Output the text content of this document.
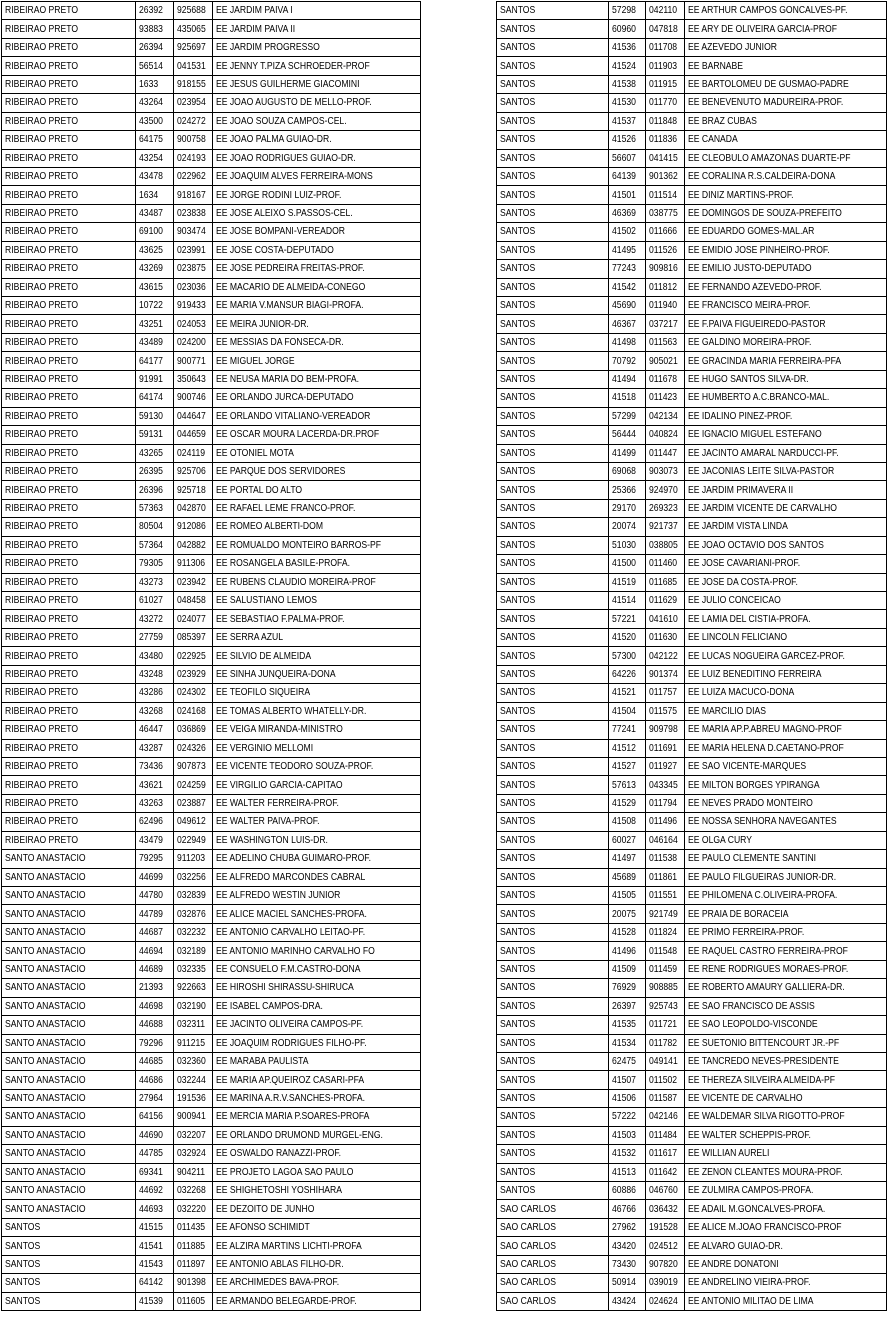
RIBEIRAO PRETO	26392	925688	EE JARDIM PAIVA I
RIBEIRAO PRETO	93883	435065	EE JARDIM PAIVA II
RIBEIRAO PRETO	26394	925697	EE JARDIM PROGRESSO
RIBEIRAO PRETO	56514	041531	EE JENNY T.PIZA SCHROEDER-PROF
RIBEIRAO PRETO	1633	918155	EE JESUS GUILHERME GIACOMINI
RIBEIRAO PRETO	43264	023954	EE JOAO AUGUSTO DE MELLO-PROF.
RIBEIRAO PRETO	43500	024272	EE JOAO SOUZA CAMPOS-CEL.
RIBEIRAO PRETO	64175	900758	EE JOAO PALMA GUIAO-DR.
RIBEIRAO PRETO	43254	024193	EE JOAO RODRIGUES GUIAO-DR.
RIBEIRAO PRETO	43478	022962	EE JOAQUIM ALVES FERREIRA-MONS
RIBEIRAO PRETO	1634	918167	EE JORGE RODINI LUIZ-PROF.
RIBEIRAO PRETO	43487	023838	EE JOSE ALEIXO S.PASSOS-CEL.
RIBEIRAO PRETO	69100	903474	EE JOSE BOMPANI-VEREADOR
RIBEIRAO PRETO	43625	023991	EE JOSE COSTA-DEPUTADO
RIBEIRAO PRETO	43269	023875	EE JOSE PEDREIRA FREITAS-PROF.
RIBEIRAO PRETO	43615	023036	EE MACARIO DE ALMEIDA-CONEGO
RIBEIRAO PRETO	10722	919433	EE MARIA V.MANSUR BIAGI-PROFA.
RIBEIRAO PRETO	43251	024053	EE MEIRA JUNIOR-DR.
RIBEIRAO PRETO	43489	024200	EE MESSIAS DA FONSECA-DR.
RIBEIRAO PRETO	64177	900771	EE MIGUEL JORGE
RIBEIRAO PRETO	91991	350643	EE NEUSA MARIA DO BEM-PROFA.
RIBEIRAO PRETO	64174	900746	EE ORLANDO JURCA-DEPUTADO
RIBEIRAO PRETO	59130	044647	EE ORLANDO VITALIANO-VEREADOR
RIBEIRAO PRETO	59131	044659	EE OSCAR MOURA LACERDA-DR.PROF
RIBEIRAO PRETO	43265	024119	EE OTONIEL MOTA
RIBEIRAO PRETO	26395	925706	EE PARQUE DOS SERVIDORES
RIBEIRAO PRETO	26396	925718	EE PORTAL DO ALTO
RIBEIRAO PRETO	57363	042870	EE RAFAEL LEME FRANCO-PROF.
RIBEIRAO PRETO	80504	912086	EE ROMEO ALBERTI-DOM
RIBEIRAO PRETO	57364	042882	EE ROMUALDO MONTEIRO BARROS-PF
RIBEIRAO PRETO	79305	911306	EE ROSANGELA BASILE-PROFA.
RIBEIRAO PRETO	43273	023942	EE RUBENS CLAUDIO MOREIRA-PROF
RIBEIRAO PRETO	61027	048458	EE SALUSTIANO LEMOS
RIBEIRAO PRETO	43272	024077	EE SEBASTIAO F.PALMA-PROF.
RIBEIRAO PRETO	27759	085397	EE SERRA AZUL
RIBEIRAO PRETO	43480	022925	EE SILVIO DE ALMEIDA
RIBEIRAO PRETO	43248	023929	EE SINHA JUNQUEIRA-DONA
RIBEIRAO PRETO	43286	024302	EE TEOFILO SIQUEIRA
RIBEIRAO PRETO	43268	024168	EE TOMAS ALBERTO WHATELLY-DR.
RIBEIRAO PRETO	46447	036869	EE VEIGA MIRANDA-MINISTRO
RIBEIRAO PRETO	43287	024326	EE VERGINIO MELLOMI
RIBEIRAO PRETO	73436	907873	EE VICENTE TEODORO SOUZA-PROF.
RIBEIRAO PRETO	43621	024259	EE VIRGILIO GARCIA-CAPITAO
RIBEIRAO PRETO	43263	023887	EE WALTER FERREIRA-PROF.
RIBEIRAO PRETO	62496	049612	EE WALTER PAIVA-PROF.
RIBEIRAO PRETO	43479	022949	EE WASHINGTON LUIS-DR.
SANTO ANASTACIO	79295	911203	EE ADELINO CHUBA GUIMARO-PROF.
SANTO ANASTACIO	44699	032256	EE ALFREDO MARCONDES CABRAL
SANTO ANASTACIO	44780	032839	EE ALFREDO WESTIN JUNIOR
SANTO ANASTACIO	44789	032876	EE ALICE MACIEL SANCHES-PROFA.
SANTO ANASTACIO	44687	032232	EE ANTONIO CARVALHO LEITAO-PF.
SANTO ANASTACIO	44694	032189	EE ANTONIO MARINHO CARVALHO FO
SANTO ANASTACIO	44689	032335	EE CONSUELO F.M.CASTRO-DONA
SANTO ANASTACIO	21393	922663	EE HIROSHI SHIRASSU-SHIRUCA
SANTO ANASTACIO	44698	032190	EE ISABEL CAMPOS-DRA.
SANTO ANASTACIO	44688	032311	EE JACINTO OLIVEIRA CAMPOS-PF.
SANTO ANASTACIO	79296	911215	EE JOAQUIM RODRIGUES FILHO-PF.
SANTO ANASTACIO	44685	032360	EE MARABA PAULISTA
SANTO ANASTACIO	44686	032244	EE MARIA AP.QUEIROZ CASARI-PFA
SANTO ANASTACIO	27964	191536	EE MARINA A.R.V.SANCHES-PROFA.
SANTO ANASTACIO	64156	900941	EE MERCIA MARIA P.SOARES-PROFA
SANTO ANASTACIO	44690	032207	EE ORLANDO DRUMOND MURGEL-ENG.
SANTO ANASTACIO	44785	032924	EE OSWALDO RANAZZI-PROF.
SANTO ANASTACIO	69341	904211	EE PROJETO LAGOA SAO PAULO
SANTO ANASTACIO	44692	032268	EE SHIGHETOSHI YOSHIHARA
SANTO ANASTACIO	44693	032220	EE DEZOITO DE JUNHO
SANTOS	41515	011435	EE AFONSO SCHIMIDT
SANTOS	41541	011885	EE ALZIRA MARTINS LICHTI-PROFA
SANTOS	41543	011897	EE ANTONIO ABLAS FILHO-DR.
SANTOS	64142	901398	EE ARCHIMEDES BAVA-PROF.
SANTOS	41539	011605	EE ARMANDO BELEGARDE-PROF.
SANTOS	57298	042110	EE ARTHUR CAMPOS GONCALVES-PF.
SANTOS	60960	047818	EE ARY DE OLIVEIRA GARCIA-PROF
SANTOS	41536	011708	EE AZEVEDO JUNIOR
SANTOS	41524	011903	EE BARNABE
SANTOS	41538	011915	EE BARTOLOMEU DE GUSMAO-PADRE
SANTOS	41530	011770	EE BENEVENUTO MADUREIRA-PROF.
SANTOS	41537	011848	EE BRAZ CUBAS
SANTOS	41526	011836	EE CANADA
SANTOS	56607	041415	EE CLEOBULO AMAZONAS DUARTE-PF
SANTOS	64139	901362	EE CORALINA R.S.CALDEIRA-DONA
SANTOS	41501	011514	EE DINIZ MARTINS-PROF.
SANTOS	46369	038775	EE DOMINGOS DE SOUZA-PREFEITO
SANTOS	41502	011666	EE EDUARDO GOMES-MAL.AR
SANTOS	41495	011526	EE EMIDIO JOSE PINHEIRO-PROF.
SANTOS	77243	909816	EE EMILIO JUSTO-DEPUTADO
SANTOS	41542	011812	EE FERNANDO AZEVEDO-PROF.
SANTOS	45690	011940	EE FRANCISCO MEIRA-PROF.
SANTOS	46367	037217	EE F.PAIVA FIGUEIREDO-PASTOR
SANTOS	41498	011563	EE GALDINO MOREIRA-PROF.
SANTOS	70792	905021	EE GRACINDA MARIA FERREIRA-PFA
SANTOS	41494	011678	EE HUGO SANTOS SILVA-DR.
SANTOS	41518	011423	EE HUMBERTO A.C.BRANCO-MAL.
SANTOS	57299	042134	EE IDALINO PINEZ-PROF.
SANTOS	56444	040824	EE IGNACIO MIGUEL ESTEFANO
SANTOS	41499	011447	EE JACINTO AMARAL NARDUCCI-PF.
SANTOS	69068	903073	EE JACONIAS LEITE SILVA-PASTOR
SANTOS	25366	924970	EE JARDIM PRIMAVERA II
SANTOS	29170	269323	EE JARDIM VICENTE DE CARVALHO
SANTOS	20074	921737	EE JARDIM VISTA LINDA
SANTOS	51030	038805	EE JOAO OCTAVIO DOS SANTOS
SANTOS	41500	011460	EE JOSE CAVARIANI-PROF.
SANTOS	41519	011685	EE JOSE DA COSTA-PROF.
SANTOS	41514	011629	EE JULIO CONCEICAO
SANTOS	57221	041610	EE LAMIA DEL CISTIA-PROFA.
SANTOS	41520	011630	EE LINCOLN FELICIANO
SANTOS	57300	042122	EE LUCAS NOGUEIRA GARCEZ-PROF.
SANTOS	64226	901374	EE LUIZ BENEDITINO FERREIRA
SANTOS	41521	011757	EE LUIZA MACUCO-DONA
SANTOS	41504	011575	EE MARCILIO DIAS
SANTOS	77241	909798	EE MARIA AP.P.ABREU MAGNO-PROF
SANTOS	41512	011691	EE MARIA HELENA D.CAETANO-PROF
SANTOS	41527	011927	EE SAO VICENTE-MARQUES
SANTOS	57613	043345	EE MILTON BORGES YPIRANGA
SANTOS	41529	011794	EE NEVES PRADO MONTEIRO
SANTOS	41508	011496	EE NOSSA SENHORA NAVEGANTES
SANTOS	60027	046164	EE OLGA CURY
SANTOS	41497	011538	EE PAULO CLEMENTE SANTINI
SANTOS	45689	011861	EE PAULO FILGUEIRAS JUNIOR-DR.
SANTOS	41505	011551	EE PHILOMENA C.OLIVEIRA-PROFA.
SANTOS	20075	921749	EE PRAIA DE BORACEIA
SANTOS	41528	011824	EE PRIMO FERREIRA-PROF.
SANTOS	41496	011548	EE RAQUEL CASTRO FERREIRA-PROF
SANTOS	41509	011459	EE RENE RODRIGUES MORAES-PROF.
SANTOS	76929	908885	EE ROBERTO AMAURY GALLIERA-DR.
SANTOS	26397	925743	EE SAO FRANCISCO DE ASSIS
SANTOS	41535	011721	EE SAO LEOPOLDO-VISCONDE
SANTOS	41534	011782	EE SUETONIO BITTENCOURT JR.-PF
SANTOS	62475	049141	EE TANCREDO NEVES-PRESIDENTE
SANTOS	41507	011502	EE THEREZA SILVEIRA ALMEIDA-PF
SANTOS	41506	011587	EE VICENTE DE CARVALHO
SANTOS	57222	042146	EE WALDEMAR SILVA RIGOTTO-PROF
SANTOS	41503	011484	EE WALTER SCHEPPIS-PROF.
SANTOS	41532	011617	EE WILLIAN AURELI
SANTOS	41513	011642	EE ZENON CLEANTES MOURA-PROF.
SANTOS	60886	046760	EE ZULMIRA CAMPOS-PROFA.
SAO CARLOS	46766	036432	EE ADAIL M.GONCALVES-PROFA.
SAO CARLOS	27962	191528	EE ALICE M.JOAO FRANCISCO-PROF
SAO CARLOS	43420	024512	EE ALVARO GUIAO-DR.
SAO CARLOS	73430	907820	EE ANDRE DONATONI
SAO CARLOS	50914	039019	EE ANDRELINO VIEIRA-PROF.
SAO CARLOS	43424	024624	EE ANTONIO MILITAO DE LIMA
